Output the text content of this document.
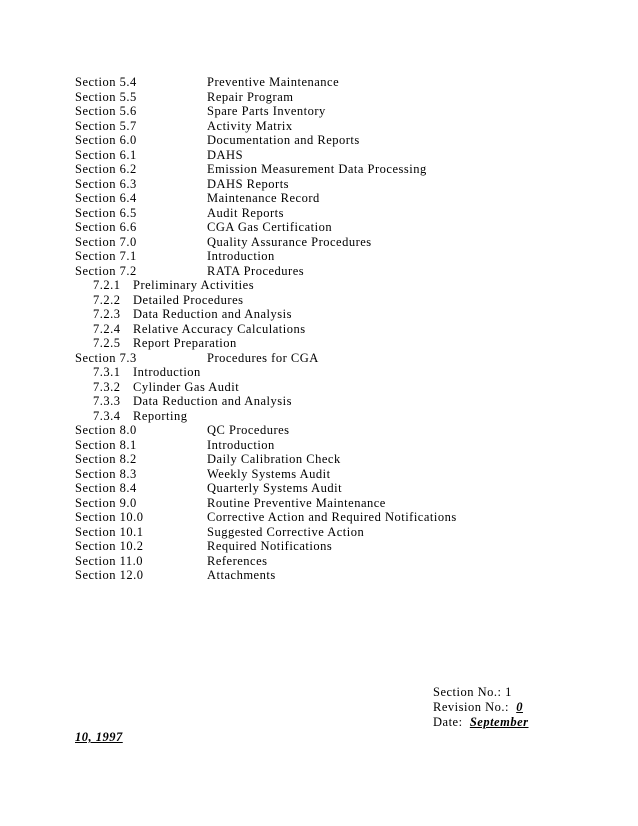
Section 5.4	Preventive Maintenance
Section 5.5	Repair Program
Section 5.6	Spare Parts Inventory
Section 5.7	Activity Matrix
Section 6.0	Documentation and Reports
Section 6.1	DAHS
Section 6.2	Emission Measurement Data Processing
Section 6.3	DAHS Reports
Section 6.4	Maintenance Record
Section 6.5	Audit Reports
Section 6.6	CGA Gas Certification
Section 7.0	Quality Assurance Procedures
Section 7.1	Introduction
Section 7.2	RATA Procedures
7.2.1 Preliminary Activities
7.2.2 Detailed Procedures
7.2.3 Data Reduction and Analysis
7.2.4 Relative Accuracy Calculations
7.2.5 Report Preparation
Section 7.3	Procedures for CGA
7.3.1 Introduction
7.3.2 Cylinder Gas Audit
7.3.3 Data Reduction and Analysis
7.3.4 Reporting
Section 8.0	QC Procedures
Section 8.1	Introduction
Section 8.2	Daily Calibration Check
Section 8.3	Weekly Systems Audit
Section 8.4	Quarterly Systems Audit
Section 9.0	Routine Preventive Maintenance
Section 10.0	Corrective Action and Required Notifications
Section 10.1	Suggested Corrective Action
Section 10.2	Required Notifications
Section 11.0	References
Section 12.0	Attachments
Section No.: 1
Revision No.: 0
Date: September
10, 1997
